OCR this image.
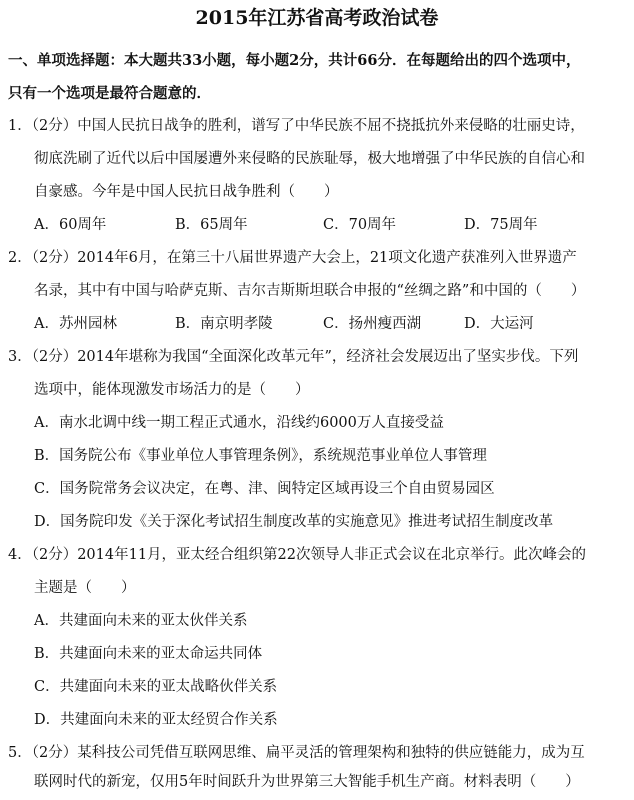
2015年江苏省高考政治试卷
一、单项选择题：本大题共33小题，每小题2分，共计66分．在每题给出的四个选项中，
只有一个选项是最符合题意的．
1．（2分）中国人民抗日战争的胜利，谱写了中华民族不屈不挠抵抗外来侵略的壮丽史诗，
彻底洗刷了近代以后中国屡遭外来侵略的民族耻辱，极大地增强了中华民族的自信心和
自豪感。今年是中国人民抗日战争胜利（　　）
A．60周年	B．65周年	C．70周年	D．75周年
2．（2分）2014年6月，在第三十八届世界遗产大会上，21项文化遗产获准列入世界遗产
名录，其中有中国与哈萨克斯、吉尔吉斯斯坦联合申报的“丝绸之路”和中国的（　　）
A．苏州园林	B．南京明孝陵	C．扬州瘦西湖	D．大运河
3．（2分）2014年堪称为我国“全面深化改革元年”，经济社会发展迈出了坚实步伐。下列
选项中，能体现激发市场活力的是（　　）
A．南水北调中线一期工程正式通水，沿线约6000万人直接受益
B．国务院公布《事业单位人事管理条例》，系统规范事业单位人事管理
C．国务院常务会议决定，在粤、津、闽特定区域再设三个自由贸易园区
D．国务院印发《关于深化考试招生制度改革的实施意见》推进考试招生制度改革
4．（2分）2014年11月，亚太经合组织第22次领导人非正式会议在北京举行。此次峰会的
主题是（　　）
A．共建面向未来的亚太伙伴关系
B．共建面向未来的亚太命运共同体
C．共建面向未来的亚太战略伙伴关系
D．共建面向未来的亚太经贸合作关系
5．（2分）某科技公司凭借互联网思维、扁平灵活的管理架构和独特的供应链能力，成为互
联网时代的新宠，仅用5年时间跃升为世界第三大智能手机生产商。材料表明（　　）
